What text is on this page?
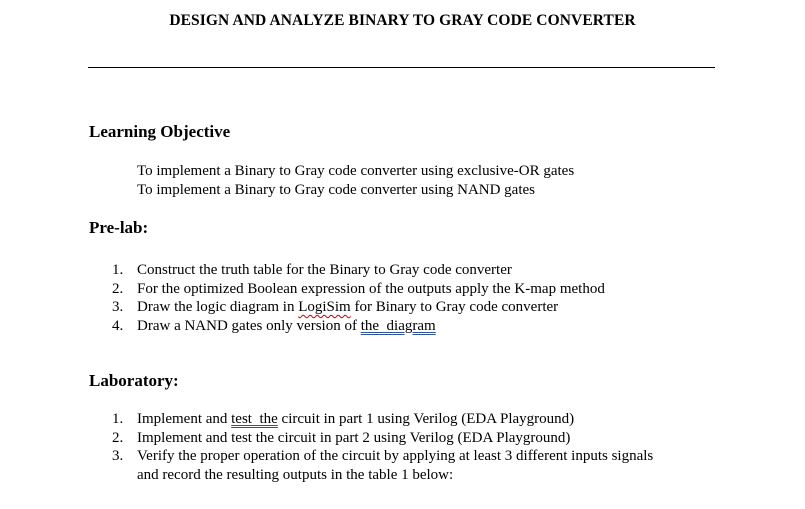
DESIGN AND ANALYZE BINARY TO GRAY CODE CONVERTER
Learning Objective
To implement a Binary to Gray code converter using exclusive-OR gates
To implement a Binary to Gray code converter using NAND gates
Pre-lab:
1. Construct the truth table for the Binary to Gray code converter
2. For the optimized Boolean expression of the outputs apply the K-map method
3. Draw the logic diagram in LogiSim for Binary to Gray code converter
4. Draw a NAND gates only version of the  diagram
Laboratory:
1. Implement and test  the circuit in part 1 using Verilog (EDA Playground)
2. Implement and test the circuit in part 2 using Verilog (EDA Playground)
3. Verify the proper operation of the circuit by applying at least 3 different inputs signals
and record the resulting outputs in the table 1 below:
